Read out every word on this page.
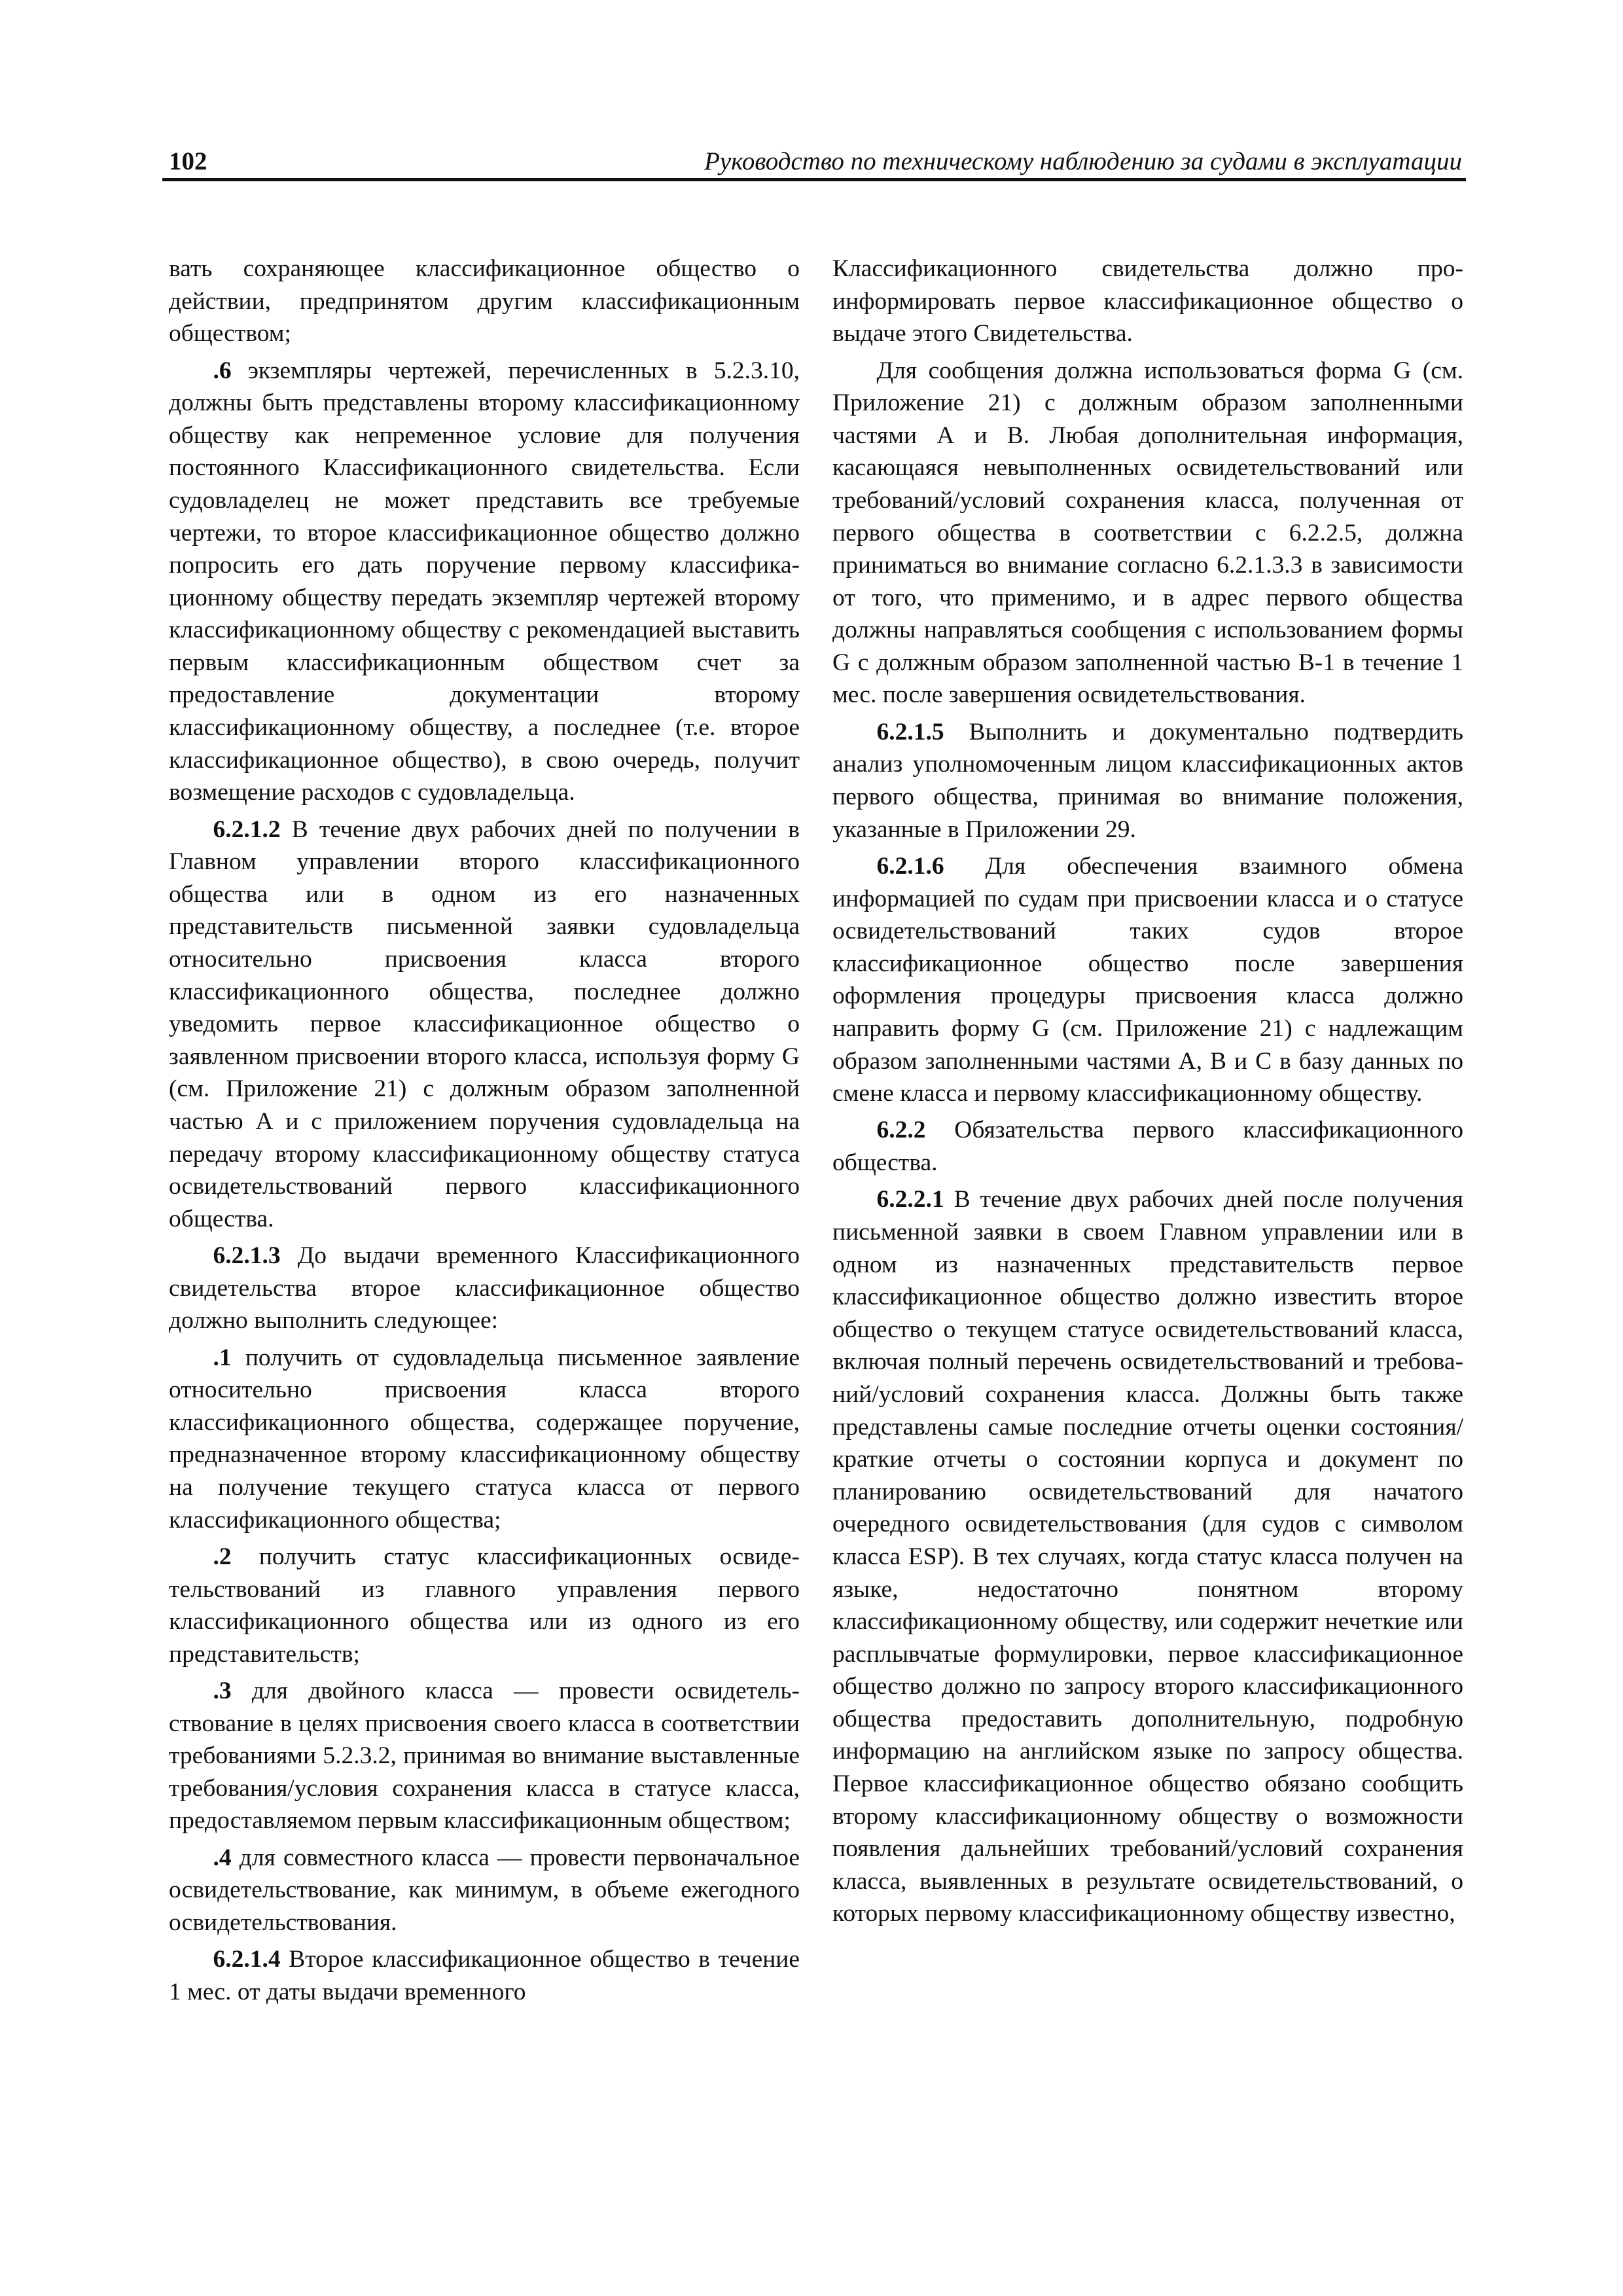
102	Руководство по техническому наблюдению за судами в эксплуатации

вать сохраняющее классификационное общество о действии, предпринятом другим классификационным обществом;

.6 экземпляры чертежей, перечисленных в 5.2.3.10, должны быть представлены второму классификационному обществу как непременное условие для получения постоянного Классификационного свидетельства. Если судовладелец не может представить все требуемые чертежи, то второе классификационное общество должно попросить его дать поручение первому классификационному обществу передать экземпляр чертежей второму классификационному обществу с рекомендацией выставить первым классификационным обществом счет за предоставление документации второму классификационному обществу, а последнее (т.е. второе классификационное общество), в свою очередь, получит возмещение расходов с судовладельца.

6.2.1.2 В течение двух рабочих дней по получении в Главном управлении второго классификационного общества или в одном из его назначенных представительств письменной заявки судовладельца относительно присвоения класса второго классификационного общества, последнее должно уведомить первое классификационное общество о заявленном присвоении второго класса, используя форму G (см. Приложение 21) с должным образом заполненной частью А и с приложением поручения судовладельца на передачу второму классификационному обществу статуса освидетельствований первого классификационного общества.

6.2.1.3 До выдачи временного Классификационного свидетельства второе классификационное общество должно выполнить следующее:

.1 получить от судовладельца письменное заявление относительно присвоения класса второго классификационного общества, содержащее поручение, предназначенное второму классификационному обществу на получение текущего статуса класса от первого классификационного общества;

.2 получить статус классификационных освидетельствований из главного управления первого классификационного общества или из одного из его представительств;

.3 для двойного класса — провести освидетельствование в целях присвоения своего класса в соответствии требованиями 5.2.3.2, принимая во внимание выставленные требования/условия сохранения класса в статусе класса, предоставляемом первым классификационным обществом;

.4 для совместного класса — провести первоначальное освидетельствование, как минимум, в объеме ежегодного освидетельствования.

6.2.1.4 Второе классификационное общество в течение 1 мес. от даты выдачи временного

Классификационного свидетельства должно проинформировать первое классификационное общество о выдаче этого Свидетельства.

Для сообщения должна использоваться форма G (см. Приложение 21) с должным образом заполненными частями А и В. Любая дополнительная информация, касающаяся невыполненных освидетельствований или требований/условий сохранения класса, полученная от первого общества в соответствии с 6.2.2.5, должна приниматься во внимание согласно 6.2.1.3.3 в зависимости от того, что применимо, и в адрес первого общества должны направляться сообщения с использованием формы G с должным образом заполненной частью В-1 в течение 1 мес. после завершения освидетельствования.

6.2.1.5 Выполнить и документально подтвердить анализ уполномоченным лицом классификационных актов первого общества, принимая во внимание положения, указанные в Приложении 29.

6.2.1.6 Для обеспечения взаимного обмена информацией по судам при присвоении класса и о статусе освидетельствований таких судов второе классификационное общество после завершения оформления процедуры присвоения класса должно направить форму G (см. Приложение 21) с надлежащим образом заполненными частями А, В и С в базу данных по смене класса и первому классификационному обществу.

6.2.2 Обязательства первого классификационного общества.

6.2.2.1 В течение двух рабочих дней после получения письменной заявки в своем Главном управлении или в одном из назначенных представительств первое классификационное общество должно известить второе общество о текущем статусе освидетельствований класса, включая полный перечень освидетельствований и требований/условий сохранения класса. Должны быть также представлены самые последние отчеты оценки состояния/краткие отчеты о состоянии корпуса и документ по планированию освидетельствований для начатого очередного освидетельствования (для судов с символом класса ESP). В тех случаях, когда статус класса получен на языке, недостаточно понятном второму классификационному обществу, или содержит нечеткие или расплывчатые формулировки, первое классификационное общество должно по запросу второго классификационного общества предоставить дополнительную, подробную информацию на английском языке по запросу общества. Первое классификационное общество обязано сообщить второму классификационному обществу о возможности появления дальнейших требований/условий сохранения класса, выявленных в результате освидетельствований, о которых первому классификационному обществу известно,
